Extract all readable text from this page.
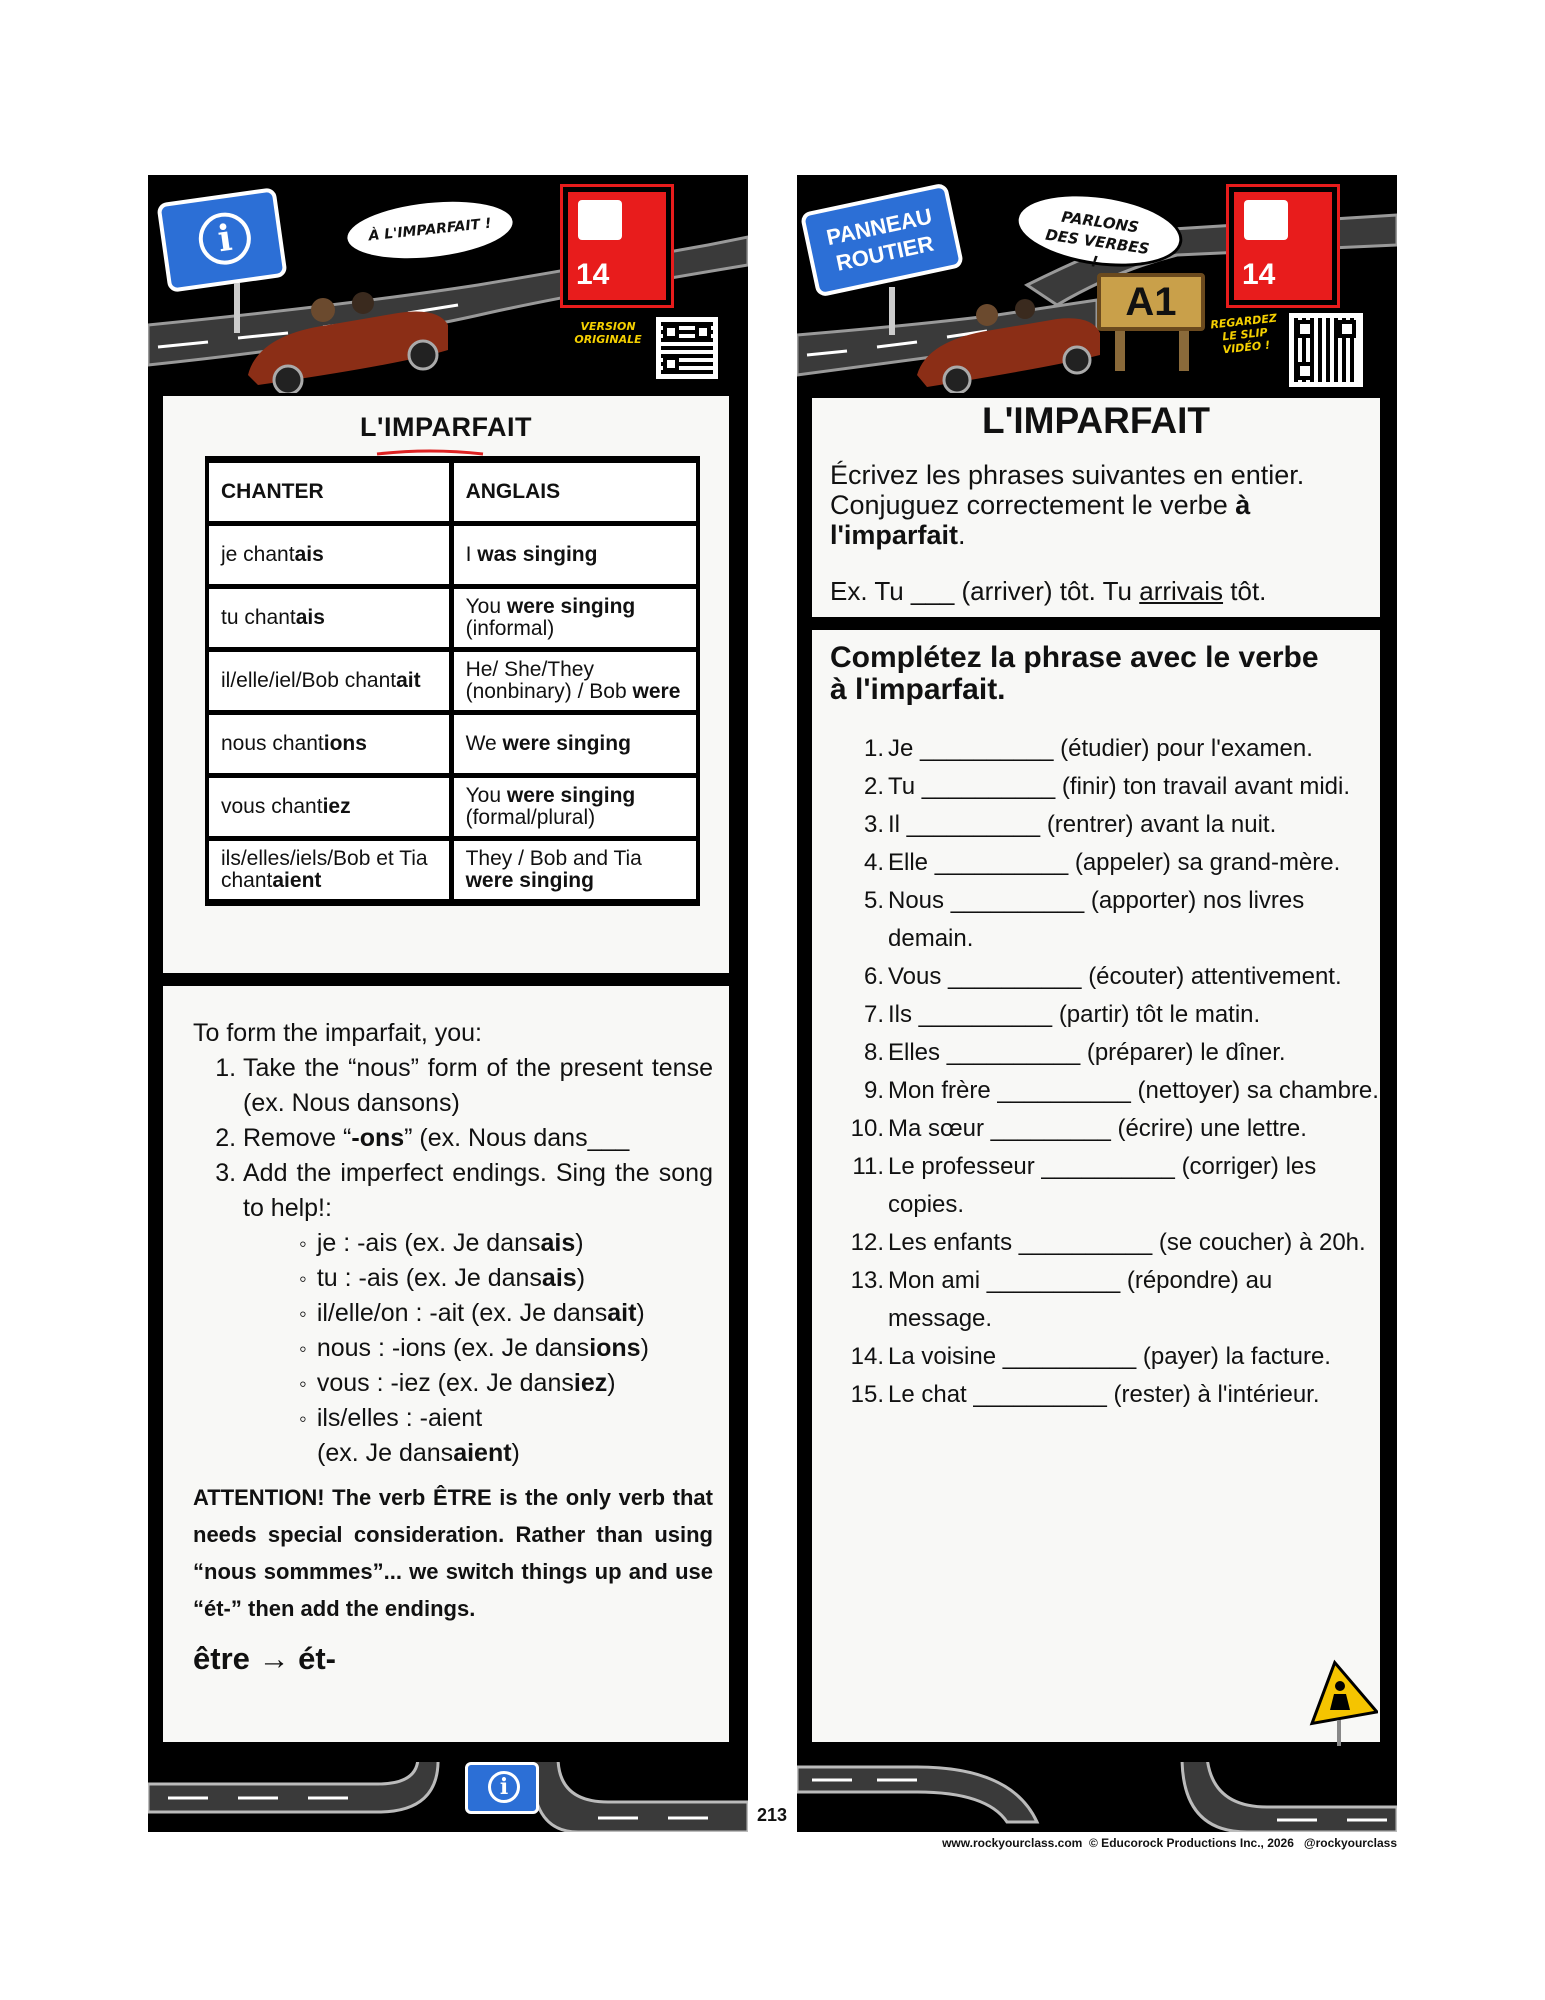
i	À L'IMPARFAIT !
14
VERSION ORIGINALE
L'IMPARFAIT
CHANTER	ANGLAIS
je chantais	I was singing
tu chantais	You were singing (informal)
il/elle/iel/Bob chantait	He/ She/They (nonbinary) / Bob were
nous chantions	We were singing
vous chantiez	You were singing (formal/plural)
ils/elles/iels/Bob et Tia chantaient	They / Bob and Tia were singing

To form the imparfait, you:

1. Take the “nous” form of the present tense (ex. Nous dansons)
2. Remove “-ons” (ex. Nous dans___
3. Add the imperfect endings. Sing the song to help!:
◦ je : -ais (ex. Je dansais)
◦ tu : -ais (ex. Je dansais)
◦ il/elle/on : -ait (ex. Je dansait)
◦ nous : -ions (ex. Je dansions)
◦ vous : -iez (ex. Je dansiez)
◦ ils/elles : -aient
(ex. Je dansaient)

ATTENTION! The verb ÊTRE is the only verb that needs special consideration. Rather than using “nous sommmes”... we switch things up and use “ét-” then add the endings.

être → ét-

i
PANNEAU ROUTIER
PARLONS DES VERBES !
A1
14
REGARDEZ LE SLIP VIDÉO !
L'IMPARFAIT

Écrivez les phrases suivantes en entier. Conjuguez correctement le verbe à l'imparfait.

Ex. Tu ___ (arriver) tôt. Tu arrivais tôt.

Complétez la phrase avec le verbe à l'imparfait.
1. Je __________ (étudier) pour l'examen.
2. Tu __________ (finir) ton travail avant midi.
3. Il __________ (rentrer) avant la nuit.
4. Elle __________ (appeler) sa grand-mère.
5. Nous __________ (apporter) nos livres demain.
6. Vous __________ (écouter) attentivement.
7. Ils __________ (partir) tôt le matin.
8. Elles __________ (préparer) le dîner.
9. Mon frère __________ (nettoyer) sa chambre.
10. Ma sœur _________ (écrire) une lettre.
11. Le professeur __________ (corriger) les copies.
12. Les enfants __________ (se coucher) à 20h.
13. Mon ami __________ (répondre) au message.
14. La voisine __________ (payer) la facture.
15. Le chat __________ (rester) à l'intérieur.
213
www.rockyourclass.com  © Educorock Productions Inc., 2026   @rockyourclass
